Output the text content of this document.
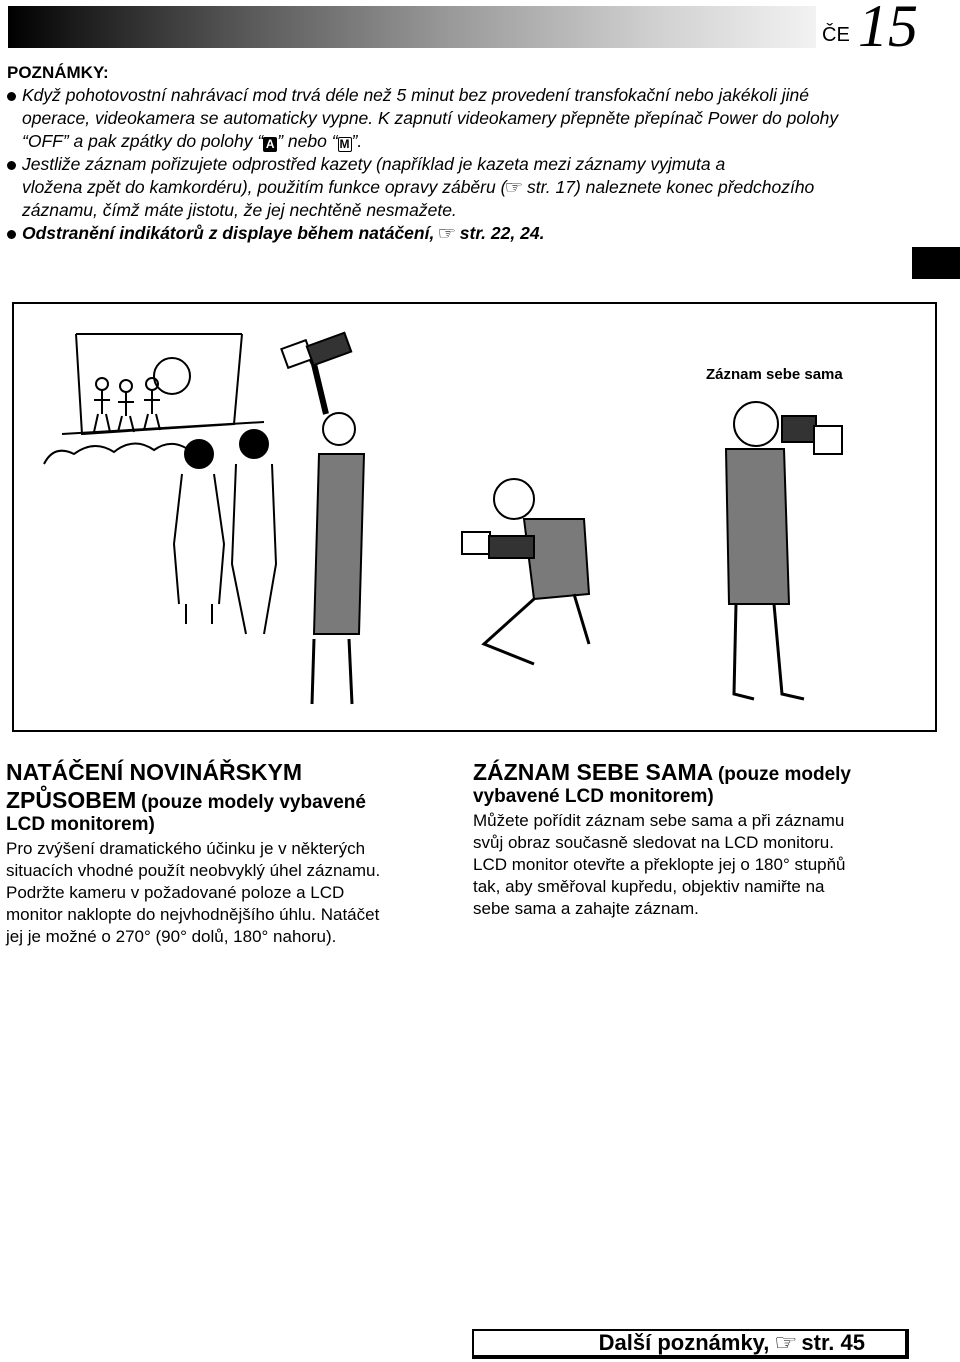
ČE 15
POZNÁMKY:
Když pohotovostní nahrávací mod trvá déle než 5 minut bez provedení transfokační nebo jakékoli jiné
operace, videokamera se automaticky vypne. K zapnutí videokamery přepněte přepínač Power do polohy
“OFF” a pak zpátky do polohy “ A ” nebo “ M ”.
Jestliže záznam pořizujete odprostřed kazety (například je kazeta mezi záznamy vyjmuta a
vložena zpět do kamkordéru), použitím funkce opravy záběru (☞ str. 17) naleznete konec předchozího
záznamu, čímž máte jistotu, že jej nechtěně nesmažete.
Odstranění indikátorů z displaye během natáčení, ☞ str. 22, 24.
Záznam sebe sama
NATÁČENÍ NOVINÁŘSKYM
ZPŮSOBEM (pouze modely vybavené
LCD monitorem)
Pro zvýšení dramatického účinku je v některých
situacích vhodné použít neobvyklý úhel záznamu.
Podržte kameru v požadované poloze a LCD
monitor naklopte do nejvhodnějšího úhlu. Natáčet
jej je možné o 270° (90° dolů, 180° nahoru).
ZÁZNAM SEBE SAMA (pouze modely
vybavené LCD monitorem)
Můžete pořídit záznam sebe sama a při záznamu
svůj obraz současně sledovat na LCD monitoru.
LCD monitor otevřte a překlopte jej o 180° stupňů
tak, aby směřoval kupředu, objektiv namiřte na
sebe sama a zahajte záznam.
Další poznámky,
☞
str. 45
